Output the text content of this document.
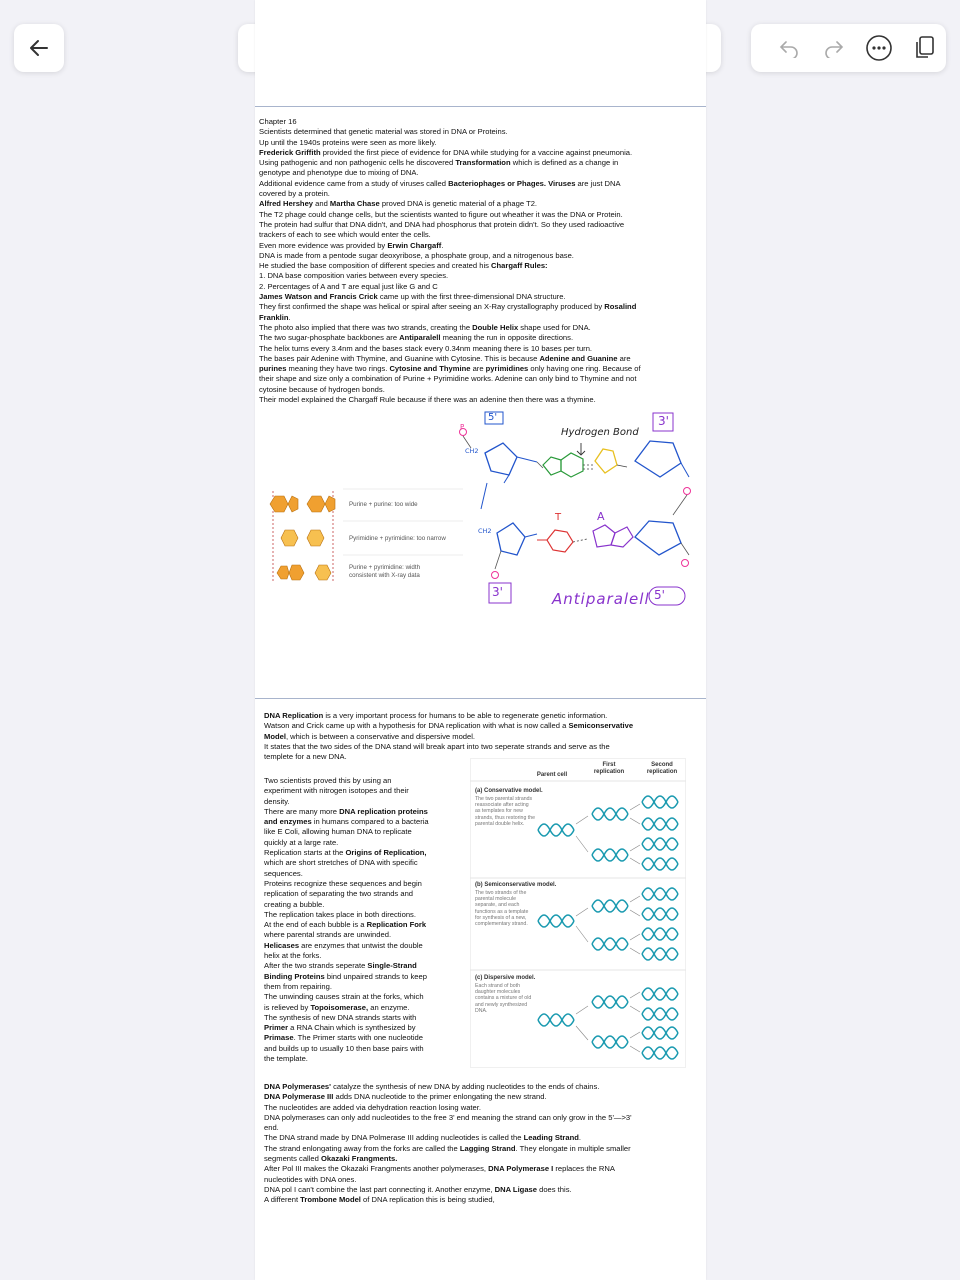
Chapter 16

Scientists determined that genetic material was stored in DNA or Proteins.

Up until the 1940s proteins were seen as more likely.

Frederick Griffith provided the first piece of evidence for DNA while studying for a vaccine against pneumonia.

Using pathogenic and non pathogenic cells he discovered Transformation which is defined as a change in

genotype and phenotype due to mixing of DNA.

Additional evidence came from a study of viruses called Bacteriophages or Phages. Viruses are just DNA

covered by a protein.

Alfred Hershey and Martha Chase proved DNA is genetic material of a phage T2.

The T2 phage could change cells, but the scientists wanted to figure out wheather it was the DNA or Protein.

The protein had sulfur that DNA didn't, and DNA had phosphorus that protein didn't. So they used radioactive

trackers of each to see which would enter the cells.

Even more evidence was provided by Erwin Chargaff.

DNA is made from a pentode sugar deoxyribose, a phosphate group, and a nitrogenous base.

He studied the base composition of different species and created his Chargaff Rules:

1. DNA base composition varies between every species.

2. Percentages of A and T are equal just like G and C

James Watson and Francis Crick came up with the first three-dimensional DNA structure.

They first confirmed the shape was helical or spiral after seeing an X-Ray crystallography produced by Rosalind

Franklin.

The photo also implied that there was two strands, creating the Double Helix shape used for DNA.

The two sugar-phosphate backbones are Antiparalell meaning the run in opposite directions.

The helix turns every 3.4nm and the bases stack every 0.34nm meaning there is 10 bases per turn.

The bases pair Adenine with Thymine, and Guanine with Cytosine. This is because Adenine and Guanine are

purines meaning they have two rings. Cytosine and Thymine are pyrimidines only having one ring. Because of

their shape and size only a combination of Purine + Pyrimidine works. Adenine can only bind to Thymine and not

cytosine because of hydrogen bonds.

Their model explained the Chargaff Rule because if there was an adenine then there was a thymine.

Purine + purine: too wide
Pyrimidine + pyrimidine: too narrow
Purine + pyrimidine: width consistent with X-ray data
5'	3'
Hydrogen Bond
P
CH2
T	A
CH2
3'	Antiparalell 5'

DNA Replication is a very important process for humans to be able to regenerate genetic information.

Watson and Crick came up with a hypothesis for DNA replication with what is now called a Semiconservative

Model, which is between a conservative and dispersive model.

It states that the two sides of the DNA stand will break apart into two seperate strands and serve as the

templete for a new DNA.

Two scientists proved this by using an

experiment with nitrogen isotopes and their

density.

There are many more DNA replication proteins

and enzymes in humans compared to a bacteria

like E Coli, allowing human DNA to replicate

quickly at a large rate.

Replication starts at the Origins of Replication,

which are short stretches of DNA with specific

sequences.

Proteins recognize these sequences and begin

replication of separating the two strands and

creating a bubble.

The replication takes place in both directions.

At the end of each bubble is a Replication Fork

where parental strands are unwinded.

Helicases are enzymes that untwist the double

helix at the forks.

After the two strands seperate Single-Strand

Binding Proteins bind unpaired strands to keep

them from repairing.

The unwinding causes strain at the forks, which

is relieved by Topoisomerase, an enzyme.

The synthesis of new DNA strands starts with

Primer a RNA Chain which is synthesized by

Primase. The Primer starts with one nucleotide

and builds up to usually 10 then base pairs with

the template.

Parent cell
First replication
Second replication
(a) Conservative model.
The two parental strands reassociate after acting as templates for new strands, thus restoring the parental double helix.
(b) Semiconservative model.
The two strands of the parental molecule separate, and each functions as a template for synthesis of a new, complementary strand.
(c) Dispersive model.
Each strand of both daughter molecules contains a mixture of old and newly synthesized DNA.

DNA Polymerases' catalyze the synthesis of new DNA by adding nucleotides to the ends of chains.

DNA Polymerase III adds DNA nucleotide to the primer enlongating the new strand.

The nucleotides are added via dehydration reaction losing water.

DNA polymerases can only add nucleotides to the free 3' end meaning the strand can only grow in the 5'—>3'

end.

The DNA strand made by DNA Polmerase III adding nucleotides is called the Leading Strand.

The strand enlongating away from the forks are called the Lagging Strand. They elongate in multiple smaller

segments called Okazaki Frangments.

After Pol III makes the Okazaki Frangments another polymerases, DNA Polymerase I replaces the RNA

nucleotides with DNA ones.

DNA pol I can't combine the last part connecting it. Another enzyme, DNA Ligase does this.

A different Trombone Model of DNA replication this is being studied,
